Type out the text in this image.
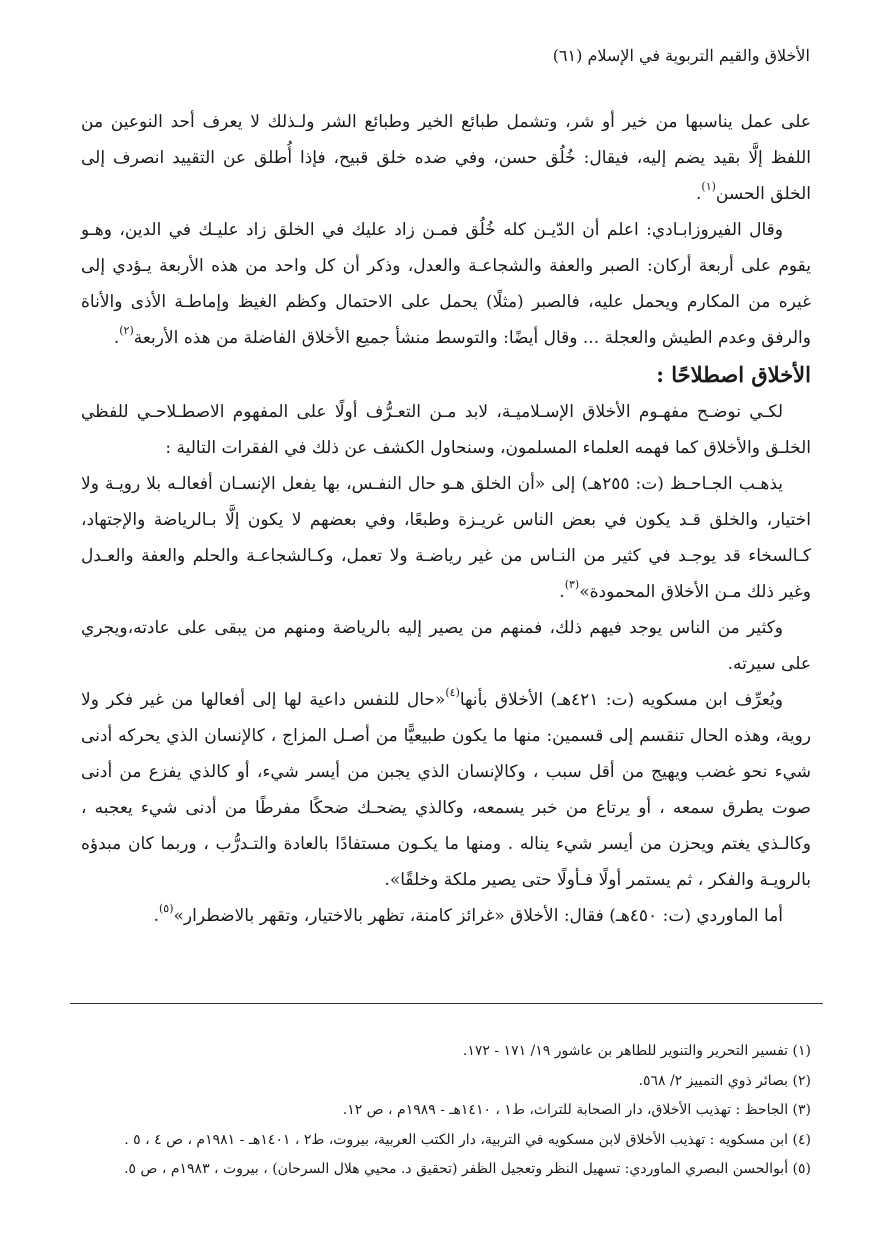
الأخلاق والقيم التربوية في الإسلام (٦١)

على عمل يناسبها من خير أو شر، وتشمل طبائع الخير وطبائع الشر ولـذلك لا يعرف أحد النوعين من اللفظ إلَّا بقيد يضم إليه، فيقال: خُلُق حسن، وفي ضده خلق قبيح، فإذا أُطلق عن التقييد انصرف إلى الخلق الحسن$^{(١)}$.

وقال الفيروزابـادي: اعلم أن الدّيـن كله خُلُق فمـن زاد عليك في الخلق زاد عليـك في الدين، وهـو يقوم على أربعة أركان: الصبر والعفة والشجاعـة والعدل، وذكر أن كل واحد من هذه الأربعة يـؤدي إلى غيره من المكارم ويحمل عليه، فالصبر (مثلًا) يحمل على الاحتمال وكظم الغيظ وإماطـة الأذى والأناة والرفق وعدم الطيش والعجلة ... وقال أيضًا: والتوسط منشأ جميع الأخلاق الفاضلة من هذه الأربعة$^{(٢)}$.

الأخلاق اصطلاحًا :

لكـي نوضـح مفهـوم الأخلاق الإسـلاميـة، لابد مـن التعـرُّف أولًا على المفهوم الاصطـلاحـي للفظي الخلـق والأخلاق كما فهمه العلماء المسلمون، وسنحاول الكشف عن ذلك في الفقرات التالية :

يذهـب الجـاحـظ (ت: ٢٥٥هـ) إلى «أن الخلق هـو حال النفـس، بها يفعل الإنسـان أفعالـه بلا رويـة ولا اختيار، والخلق قـد يكون في بعض الناس غريـزة وطبعًا، وفي بعضهم لا يكون إلَّا بـالرياضة والإجتهاد، كـالسخاء قد يوجـد في كثير من النـاس من غير رياضـة ولا تعمل، وكـالشجاعـة والحلم والعفة والعـدل وغير ذلك مـن الأخلاق المحمودة»$^{(٣)}$.

وكثير من الناس يوجد فيهم ذلك، فمنهم من يصير إليه بالرياضة ومنهم من يبقى على عادته،ويجري على سيرته.

ويُعرِّف ابن مسكويه (ت: ٤٢١هـ) الأخلاق بأنها$^{(٤)}$«حال للنفس داعية لها إلى أفعالها من غير فكر ولا روية، وهذه الحال تنقسم إلى قسمين: منها ما يكون طبيعيًّا من أصـل المزاج ، كالإنسان الذي يحركه أدنى شيء نحو غضب ويهيج من أقل سبب ، وكالإنسان الذي يجبن من أيسر شيء، أو كالذي يفزع من أدنى صوت يطرق سمعه ، أو يرتاع من خبر يسمعه، وكالذي يضحـك ضحكًا مفرطًا من أدنى شيء يعجبه ، وكالـذي يغتم ويحزن من أيسر شيء يناله . ومنها ما يكـون مستفادًا بالعادة والتـدرُّب ، وربما كان مبدؤه بالرويـة والفكر ، ثم يستمر أولًا فـأولًا حتى يصير ملكة وخلقًا».

أما الماوردي (ت: ٤٥٠هـ) فقال: الأخلاق «غرائز كامنة، تظهر بالاختيار، وتقهر بالاضطرار»$^{(٥)}$.

(١) تفسير التحرير والتنوير للطاهر بن عاشور ١٩/ ١٧١ - ١٧٢.

(٢) بصائر ذوي التمييز ٢/ ٥٦٨.

(٣) الجاحظ : تهذيب الأخلاق، دار الصحابة للتراث، ط١ ، ١٤١٠هـ - ١٩٨٩م ، ص ١٢.

(٤) ابن مسكويه : تهذيب الأخلاق لابن مسكويه في التربية، دار الكتب العربية، بيروت، ط٢ ، ١٤٠١هـ - ١٩٨١م ، ص ٤ ، ٥ .

(٥) أبوالحسن البصري الماوردي: تسهيل النظر وتعجيل الظفر (تحقيق د. محيي هلال السرحان) ، بيروت ، ١٩٨٣م ، ص ٥.
